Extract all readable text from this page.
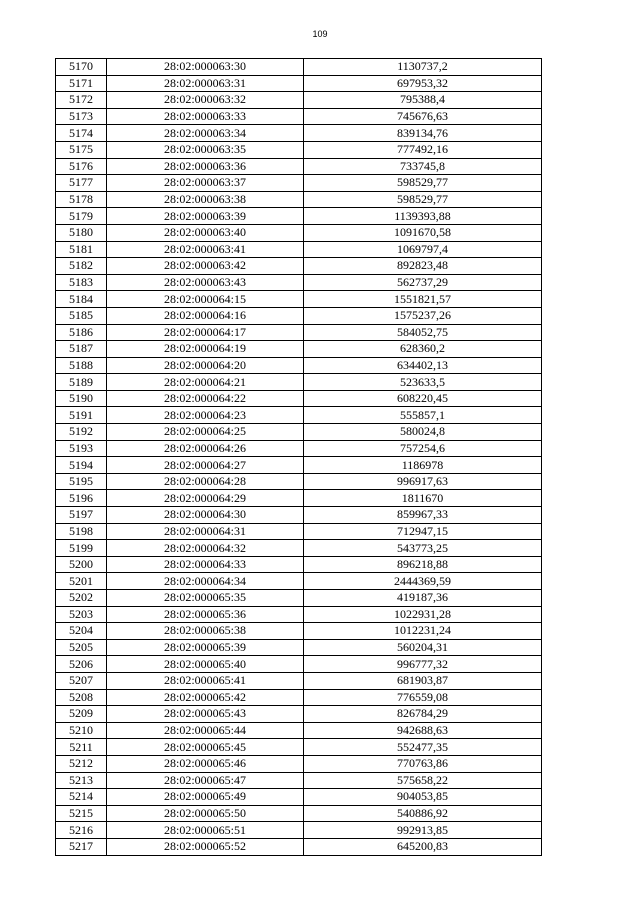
109
5170	28:02:000063:30	1130737,2
5171	28:02:000063:31	697953,32
5172	28:02:000063:32	795388,4
5173	28:02:000063:33	745676,63
5174	28:02:000063:34	839134,76
5175	28:02:000063:35	777492,16
5176	28:02:000063:36	733745,8
5177	28:02:000063:37	598529,77
5178	28:02:000063:38	598529,77
5179	28:02:000063:39	1139393,88
5180	28:02:000063:40	1091670,58
5181	28:02:000063:41	1069797,4
5182	28:02:000063:42	892823,48
5183	28:02:000063:43	562737,29
5184	28:02:000064:15	1551821,57
5185	28:02:000064:16	1575237,26
5186	28:02:000064:17	584052,75
5187	28:02:000064:19	628360,2
5188	28:02:000064:20	634402,13
5189	28:02:000064:21	523633,5
5190	28:02:000064:22	608220,45
5191	28:02:000064:23	555857,1
5192	28:02:000064:25	580024,8
5193	28:02:000064:26	757254,6
5194	28:02:000064:27	1186978
5195	28:02:000064:28	996917,63
5196	28:02:000064:29	1811670
5197	28:02:000064:30	859967,33
5198	28:02:000064:31	712947,15
5199	28:02:000064:32	543773,25
5200	28:02:000064:33	896218,88
5201	28:02:000064:34	2444369,59
5202	28:02:000065:35	419187,36
5203	28:02:000065:36	1022931,28
5204	28:02:000065:38	1012231,24
5205	28:02:000065:39	560204,31
5206	28:02:000065:40	996777,32
5207	28:02:000065:41	681903,87
5208	28:02:000065:42	776559,08
5209	28:02:000065:43	826784,29
5210	28:02:000065:44	942688,63
5211	28:02:000065:45	552477,35
5212	28:02:000065:46	770763,86
5213	28:02:000065:47	575658,22
5214	28:02:000065:49	904053,85
5215	28:02:000065:50	540886,92
5216	28:02:000065:51	992913,85
5217	28:02:000065:52	645200,83
